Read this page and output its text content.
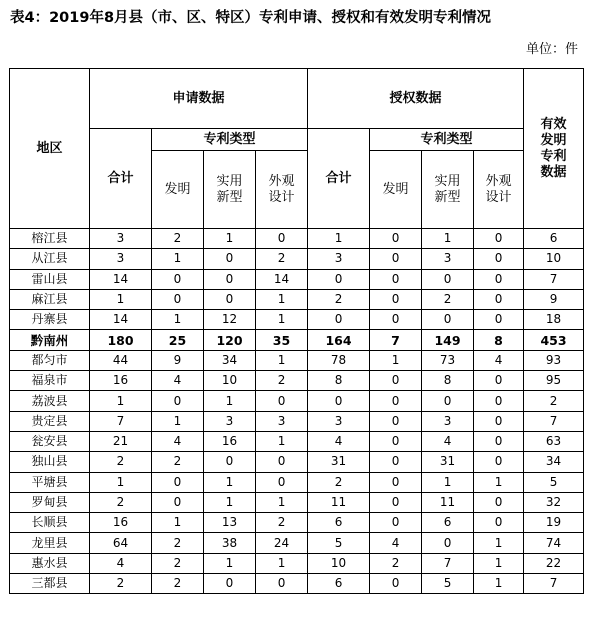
表4：2019年8月县（市、区、特区）专利申请、授权和有效发明专利情况
单位：件
地区	申请数据				授权数据				有效发明专利数据
	合计	专利类型			合计	专利类型			
		发明	实用新型	外观设计		发明	实用新型	外观设计	
榕江县	3	2	1	0	1	0	1	0	6
从江县	3	1	0	2	3	0	3	0	10
雷山县	14	0	0	14	0	0	0	0	7
麻江县	1	0	0	1	2	0	2	0	9
丹寨县	14	1	12	1	0	0	0	0	18
黔南州	180	25	120	35	164	7	149	8	453
都匀市	44	9	34	1	78	1	73	4	93
福泉市	16	4	10	2	8	0	8	0	95
荔波县	1	0	1	0	0	0	0	0	2
贵定县	7	1	3	3	3	0	3	0	7
瓮安县	21	4	16	1	4	0	4	0	63
独山县	2	2	0	0	31	0	31	0	34
平塘县	1	0	1	0	2	0	1	1	5
罗甸县	2	0	1	1	11	0	11	0	32
长顺县	16	1	13	2	6	0	6	0	19
龙里县	64	2	38	24	5	4	0	1	74
惠水县	4	2	1	1	10	2	7	1	22
三都县	2	2	0	0	6	0	5	1	7
